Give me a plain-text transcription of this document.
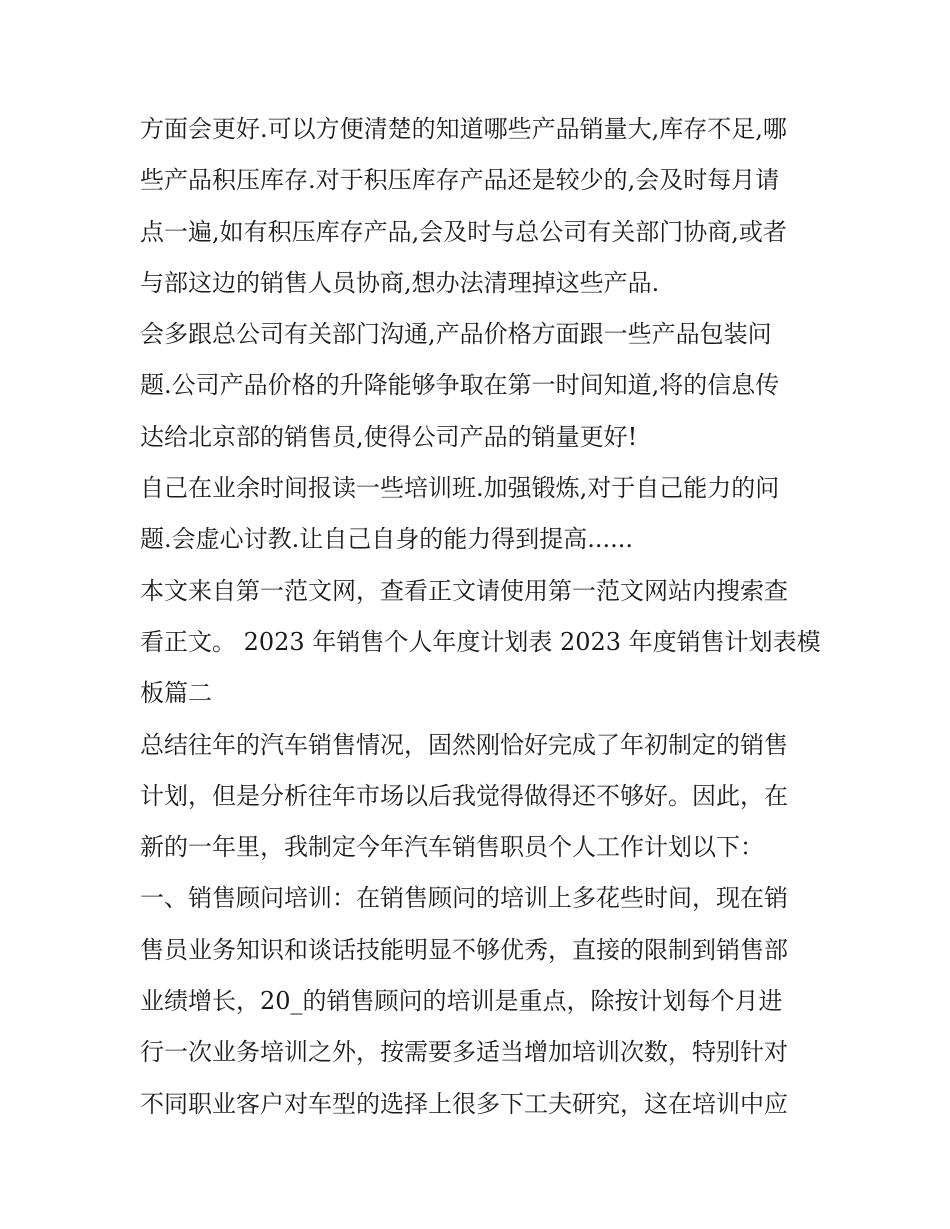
方面会更好.可以方便清楚的知道哪些产品销量大,库存不足,哪
些产品积压库存.对于积压库存产品还是较少的,会及时每月请
点一遍,如有积压库存产品,会及时与总公司有关部门协商,或者
与部这边的销售人员协商,想办法清理掉这些产品.
会多跟总公司有关部门沟通,产品价格方面跟一些产品包装问
题.公司产品价格的升降能够争取在第一时间知道,将的信息传
达给北京部的销售员,使得公司产品的销量更好!
自己在业余时间报读一些培训班.加强锻炼,对于自己能力的问
题.会虚心讨教.让自己自身的能力得到提高......
本文来自第一范文网，查看正文请使用第一范文网站内搜索查
看正文。 2023 年销售个人年度计划表 2023 年度销售计划表模
板篇二
总结往年的汽车销售情况，固然刚恰好完成了年初制定的销售
计划，但是分析往年市场以后我觉得做得还不够好。因此，在
新的一年里，我制定今年汽车销售职员个人工作计划以下：
一、销售顾问培训：在销售顾问的培训上多花些时间，现在销
售员业务知识和谈话技能明显不够优秀，直接的限制到销售部
业绩增长，20_的销售顾问的培训是重点，除按计划每个月进
行一次业务培训之外，按需要多适当增加培训次数，特别针对
不同职业客户对车型的选择上很多下工夫研究，这在培训中应
